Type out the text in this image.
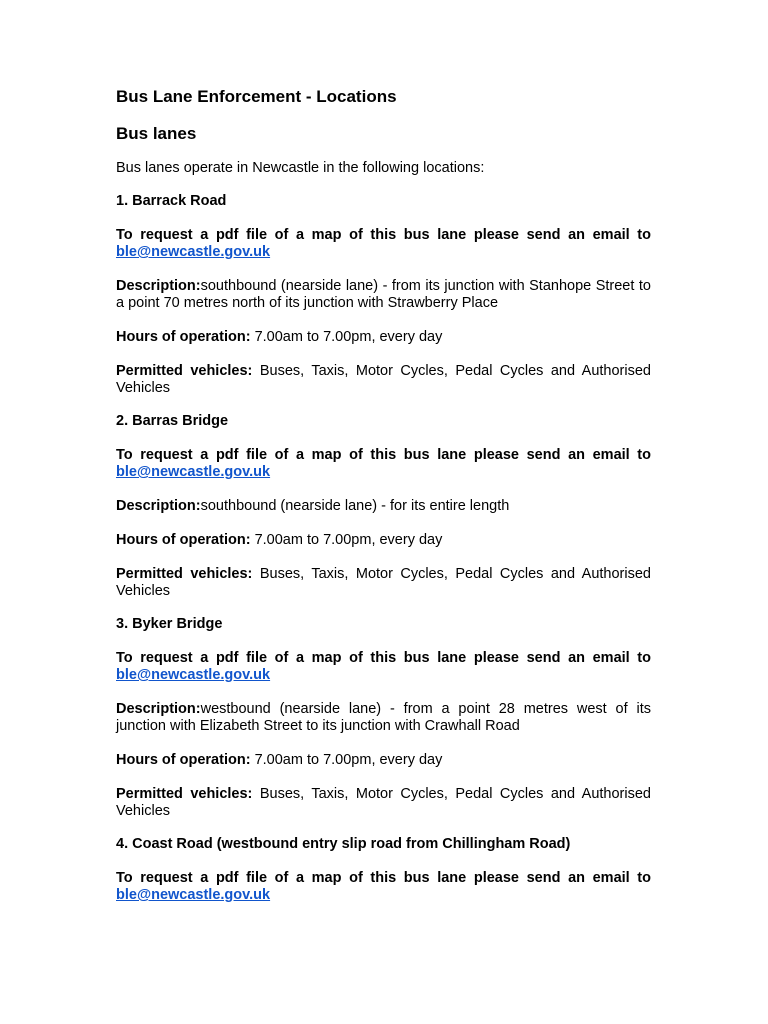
Bus Lane Enforcement - Locations
Bus lanes
Bus lanes operate in Newcastle in the following locations:
1. Barrack Road
To request a pdf file of a map of this bus lane please send an email to ble@newcastle.gov.uk
Description:southbound (nearside lane) - from its junction with Stanhope Street to a point 70 metres north of its junction with Strawberry Place
Hours of operation: 7.00am to 7.00pm, every day
Permitted vehicles: Buses, Taxis, Motor Cycles, Pedal Cycles and Authorised Vehicles
2. Barras Bridge
To request a pdf file of a map of this bus lane please send an email to ble@newcastle.gov.uk
Description:southbound (nearside lane) - for its entire length
Hours of operation: 7.00am to 7.00pm, every day
Permitted vehicles: Buses, Taxis, Motor Cycles, Pedal Cycles and Authorised Vehicles
3. Byker Bridge
To request a pdf file of a map of this bus lane please send an email to ble@newcastle.gov.uk
Description:westbound (nearside lane) - from a point 28 metres west of its junction with Elizabeth Street to its junction with Crawhall Road
Hours of operation: 7.00am to 7.00pm, every day
Permitted vehicles: Buses, Taxis, Motor Cycles, Pedal Cycles and Authorised Vehicles
4. Coast Road (westbound entry slip road from Chillingham Road)
To request a pdf file of a map of this bus lane please send an email to ble@newcastle.gov.uk
